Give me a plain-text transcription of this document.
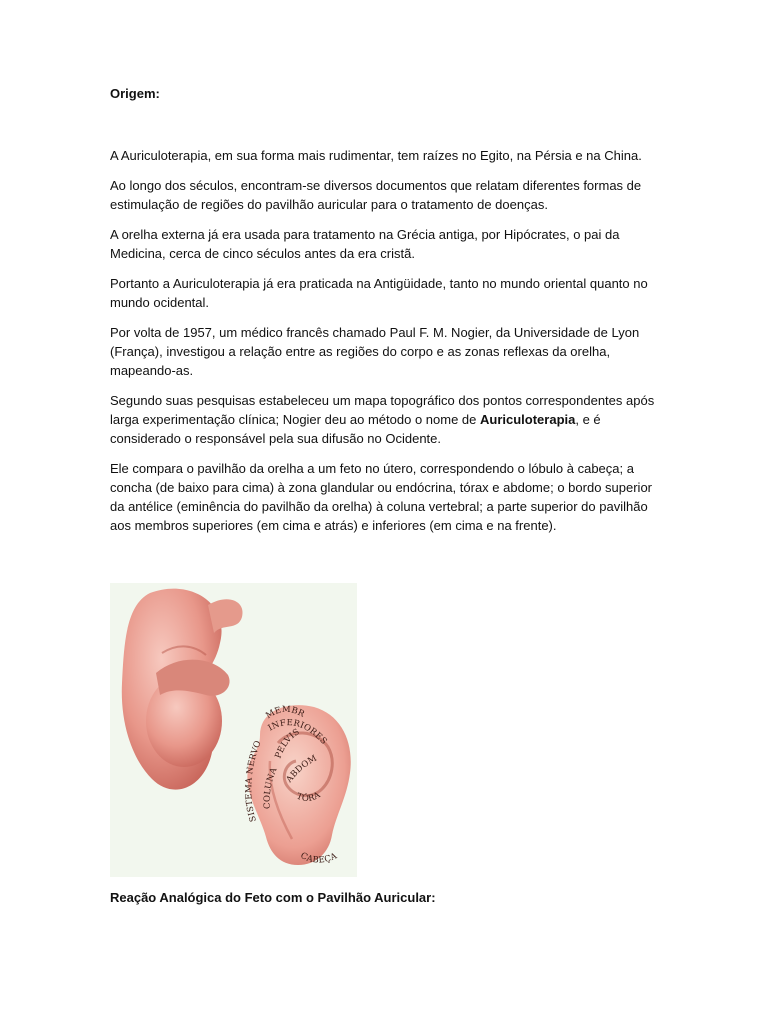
Origem:

A Auriculoterapia, em sua forma mais rudimentar, tem raízes no Egito, na Pérsia e na China.

Ao longo dos séculos, encontram-se diversos documentos que relatam diferentes formas de estimulação de regiões do pavilhão auricular para o tratamento de doenças.

A orelha externa já era usada para tratamento na Grécia antiga, por Hipócrates, o pai da Medicina, cerca de cinco séculos antes da era cristã.

Portanto a Auriculoterapia já era praticada na Antigüidade, tanto no mundo oriental quanto no mundo ocidental.

Por volta de 1957, um médico francês chamado Paul F. M. Nogier, da Universidade de Lyon (França), investigou a relação entre as regiões do corpo e as zonas reflexas da orelha, mapeando-as.

Segundo suas pesquisas estabeleceu um mapa topográfico dos pontos correspondentes após larga experimentação clínica; Nogier deu ao método o nome de Auriculoterapia, e é considerado o responsável pela sua difusão no Ocidente.

Ele compara o pavilhão da orelha a um feto no útero, correspondendo o lóbulo à cabeça; a concha (de baixo para cima) à zona glandular ou endócrina, tórax e abdome; o bordo superior da antélice (eminência do pavilhão da orelha) à coluna vertebral; a parte superior do pavilhão aos membros superiores (em cima e atrás) e inferiores (em cima e na frente).

MEMBR
INFERIORES
PELVIS
ABDOM
TÓRA
COLUNA
SISTEMA NERVO
CABEÇA
Reação Analógica do Feto com o Pavilhão Auricular:
